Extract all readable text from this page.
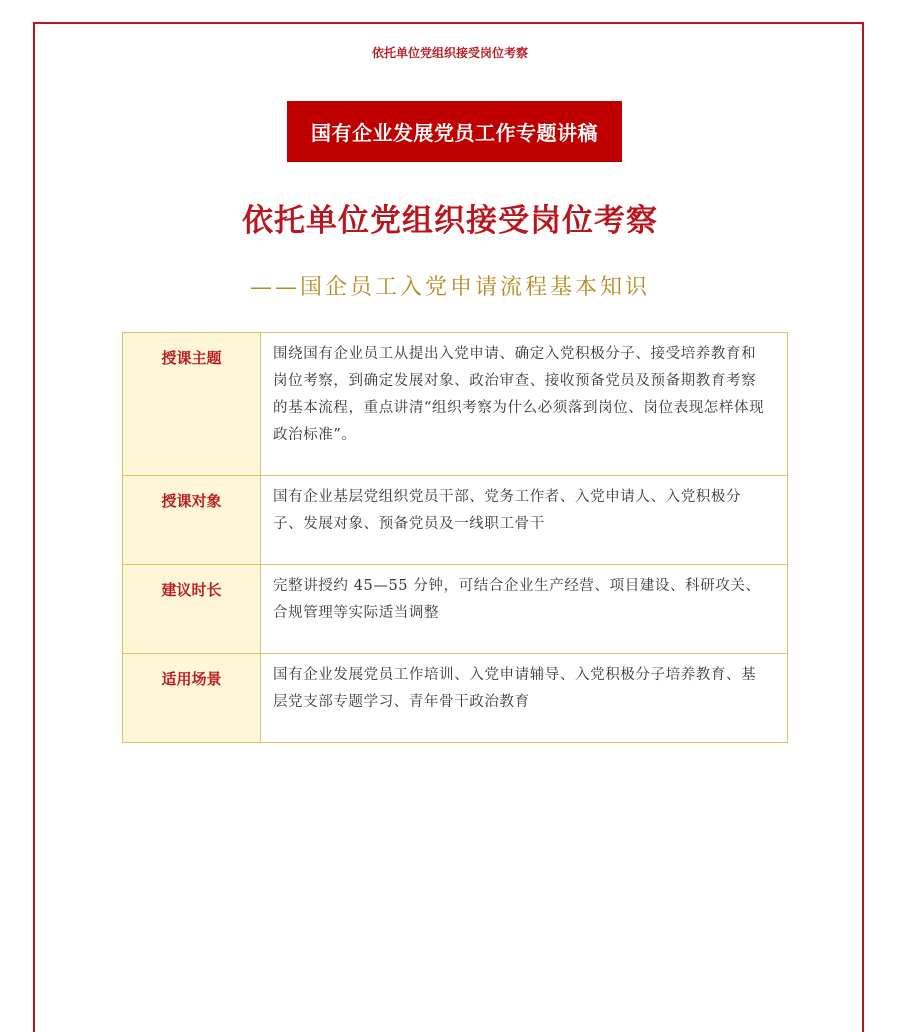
依托单位党组织接受岗位考察
国有企业发展党员工作专题讲稿
依托单位党组织接受岗位考察
——国企员工入党申请流程基本知识
授课主题	围绕国有企业员工从提出入党申请、确定入党积极分子、接受培养教育和岗位考察，到确定发展对象、政治审查、接收预备党员及预备期教育考察的基本流程，重点讲清“组织考察为什么必须落到岗位、岗位表现怎样体现政治标准”。
授课对象	国有企业基层党组织党员干部、党务工作者、入党申请人、入党积极分子、发展对象、预备党员及一线职工骨干
建议时长	完整讲授约 45—55 分钟，可结合企业生产经营、项目建设、科研攻关、合规管理等实际适当调整
适用场景	国有企业发展党员工作培训、入党申请辅导、入党积极分子培养教育、基层党支部专题学习、青年骨干政治教育
